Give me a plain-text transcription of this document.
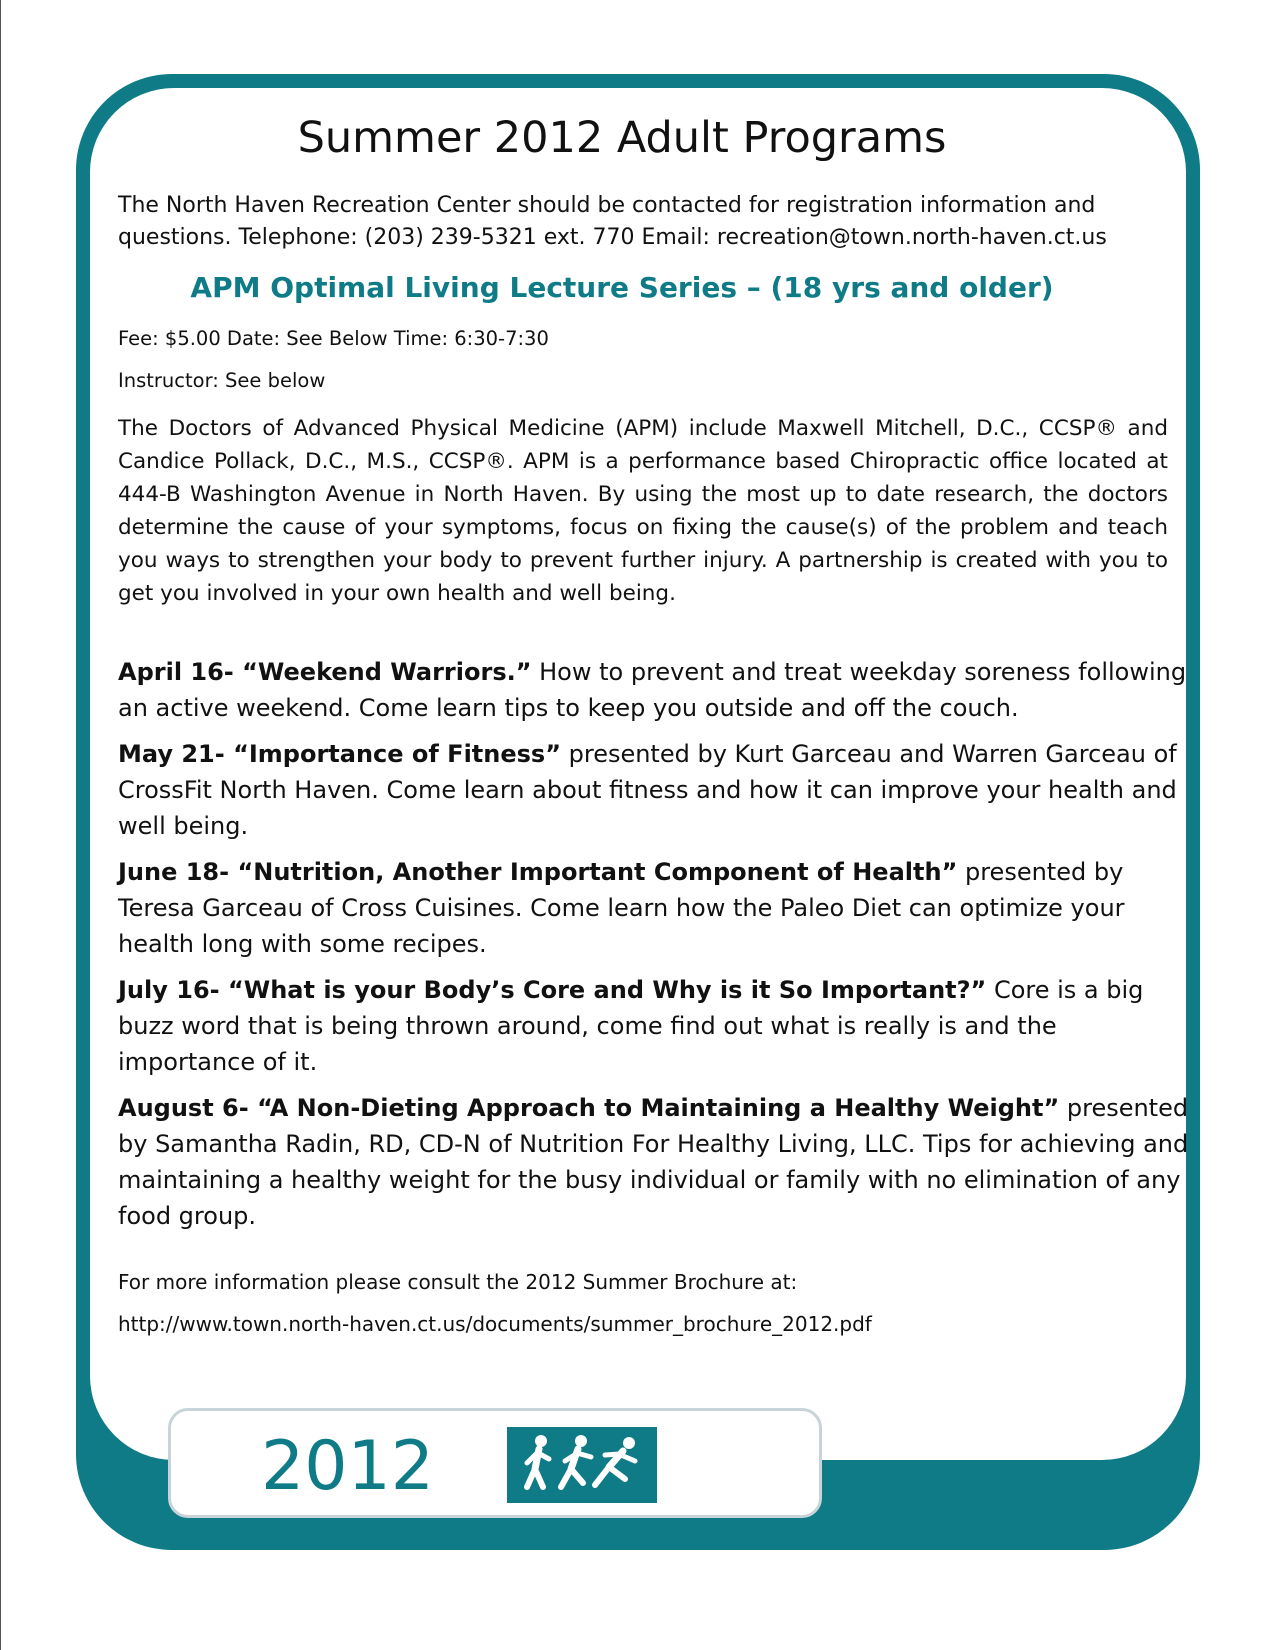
Summer 2012 Adult Programs

The North Haven Recreation Center should be contacted for registration information and questions. Telephone: (203) 239-5321 ext. 770 Email: recreation@town.north-haven.ct.us

APM Optimal Living Lecture Series – (18 yrs and older)

Fee: $5.00 Date: See Below Time: 6:30-7:30

Instructor: See below

The Doctors of Advanced Physical Medicine (APM) include Maxwell Mitchell, D.C., CCSP® and Candice Pollack, D.C., M.S., CCSP®. APM is a performance based Chiropractic office located at 444-B Washington Avenue in North Haven. By using the most up to date research, the doctors determine the cause of your symptoms, focus on fixing the cause(s) of the problem and teach you ways to strengthen your body to prevent further injury. A partnership is created with you to get you involved in your own health and well being.

April 16- “Weekend Warriors.” How to prevent and treat weekday soreness following an active weekend. Come learn tips to keep you outside and off the couch.

May 21- “Importance of Fitness” presented by Kurt Garceau and Warren Garceau of CrossFit North Haven. Come learn about fitness and how it can improve your health and well being.

June 18- “Nutrition, Another Important Component of Health” presented by Teresa Garceau of Cross Cuisines. Come learn how the Paleo Diet can optimize your health long with some recipes.

July 16- “What is your Body’s Core and Why is it So Important?” Core is a big buzz word that is being thrown around, come find out what is really is and the importance of it.

August 6- “A Non-Dieting Approach to Maintaining a Healthy Weight” presented by Samantha Radin, RD, CD-N of Nutrition For Healthy Living, LLC. Tips for achieving and maintaining a healthy weight for the busy individual or family with no elimination of any food group.

For more information please consult the 2012 Summer Brochure at:

http://www.town.north-haven.ct.us/documents/summer_brochure_2012.pdf

2012
